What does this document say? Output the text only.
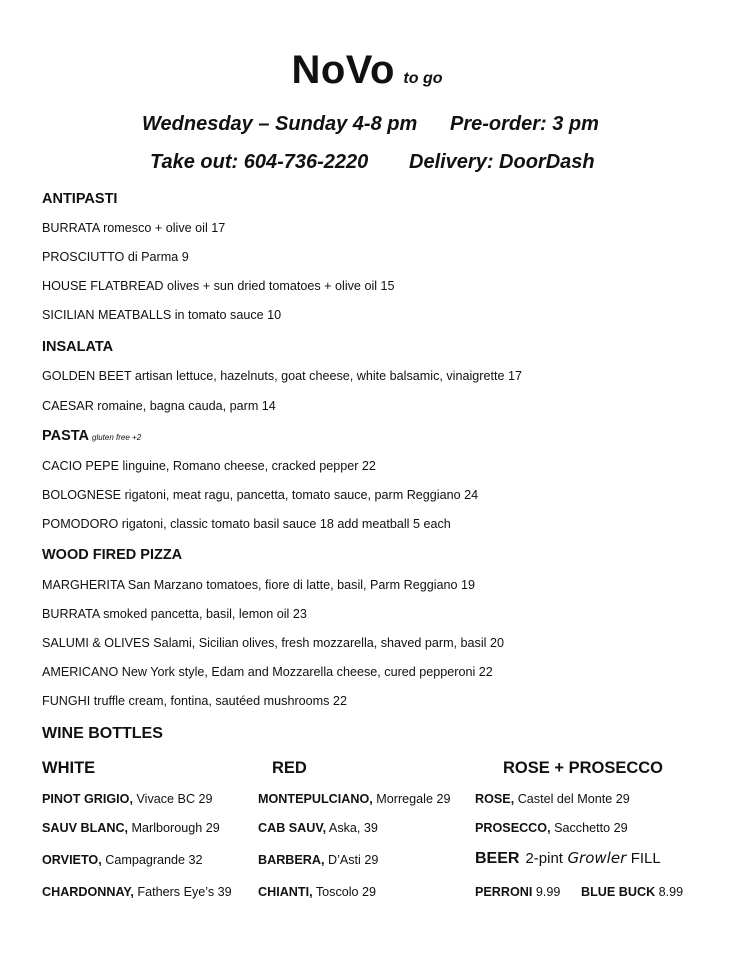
NoVo to go
Wednesday – Sunday 4-8 pm Pre-order: 3 pm
Take out: 604-736-2220 Delivery: DoorDash
ANTIPASTI
BURRATA romesco + olive oil 17
PROSCIUTTO di Parma 9
HOUSE FLATBREAD olives + sun dried tomatoes + olive oil 15
SICILIAN MEATBALLS in tomato sauce 10
INSALATA
GOLDEN BEET artisan lettuce, hazelnuts, goat cheese, white balsamic, vinaigrette 17
CAESAR romaine, bagna cauda, parm 14
PASTA gluten free +2
CACIO PEPE linguine, Romano cheese, cracked pepper 22
BOLOGNESE rigatoni, meat ragu, pancetta, tomato sauce, parm Reggiano 24
POMODORO rigatoni, classic tomato basil sauce 18 add meatball 5 each
WOOD FIRED PIZZA
MARGHERITA San Marzano tomatoes, fiore di latte, basil, Parm Reggiano 19
BURRATA smoked pancetta, basil, lemon oil 23
SALUMI & OLIVES Salami, Sicilian olives, fresh mozzarella, shaved parm, basil 20
AMERICANO New York style, Edam and Mozzarella cheese, cured pepperoni 22
FUNGHI truffle cream, fontina, sautéed mushrooms 22
WINE BOTTLES
WHITE	RED	ROSE + PROSECCO
PINOT GRIGIO, Vivace BC 29
SAUV BLANC, Marlborough 29
ORVIETO, Campagrande 32
CHARDONNAY, Fathers Eye’s 39
MONTEPULCIANO, Morregale 29
CAB SAUV, Aska, 39
BARBERA, D’Asti 29
CHIANTI, Toscolo 29
ROSE, Castel del Monte 29
PROSECCO, Sacchetto 29
BEER 2-pint Growler FILL
PERRONI 9.99 BLUE BUCK 8.99
